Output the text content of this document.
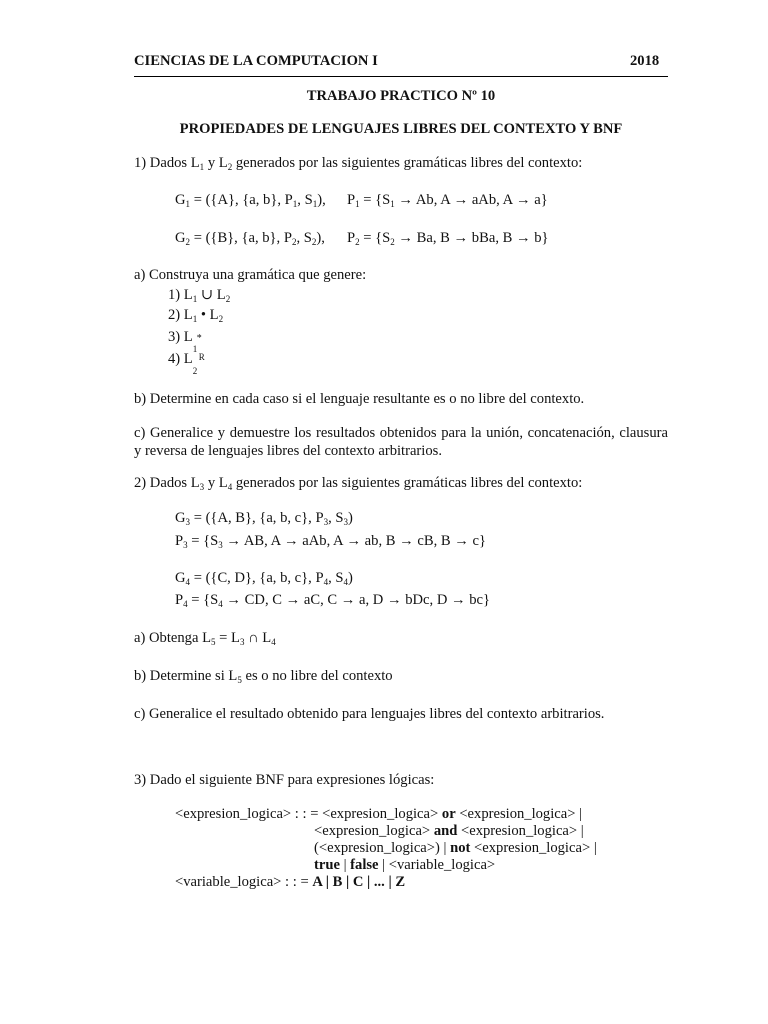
CIENCIAS DE LA COMPUTACION I	2018
TRABAJO PRACTICO Nº 10
PROPIEDADES DE LENGUAJES LIBRES DEL CONTEXTO Y BNF
1) Dados $L_1$ y $L_2$ generados por las siguientes gramáticas libres del contexto:
$G_1 = (\{A\}$, {a, b}, $P_1$, $S_1$), $P_1 = \{S_1 \to Ab$, A → aAb, A → a}
$G_2 = (\{B\}$, {a, b}, $P_2$, $S_2$), $P_2 = \{S_2 \to Ba$, B → bBa, B → b}
a) Construya una gramática que genere:
1) $L_1$ ∪ $L_2$
2) $L_1$ • $L_2$
3) L
1
*
4) L
2
R
b) Determine en cada caso si el lenguaje resultante es o no libre del contexto.
c) Generalice y demuestre los resultados obtenidos para la unión, concatenación, clausura y reversa de lenguajes libres del contexto arbitrarios.
2) Dados $L_3$ y $L_4$ generados por las siguientes gramáticas libres del contexto:
$G_3 = (\{A$, B}, {a, b, c}, $P_3$, $S_3$)
$P_3 = \{S_3$ → AB, A → aAb, A → ab, B → cB, B → c}
$G_4 = (\{C$, D}, {a, b, c}, $P_4$, $S_4$)
$P_4 = \{S_4$ → CD, C → aC, C → a, D → bDc, D → bc}
a) Obtenga $L_5 = L_3$ ∩ $L_4$
b) Determine si $L_5$ es o no libre del contexto
c) Generalice el resultado obtenido para lenguajes libres del contexto arbitrarios.
3) Dado el siguiente BNF para expresiones lógicas:
<expresion_logica> : : = <expresion_logica> or <expresion_logica> |
<expresion_logica> and <expresion_logica> |
(<expresion_logica>) | not <expresion_logica> |
true | false | <variable_logica>
<variable_logica> : : = A | B | C | ... | Z
